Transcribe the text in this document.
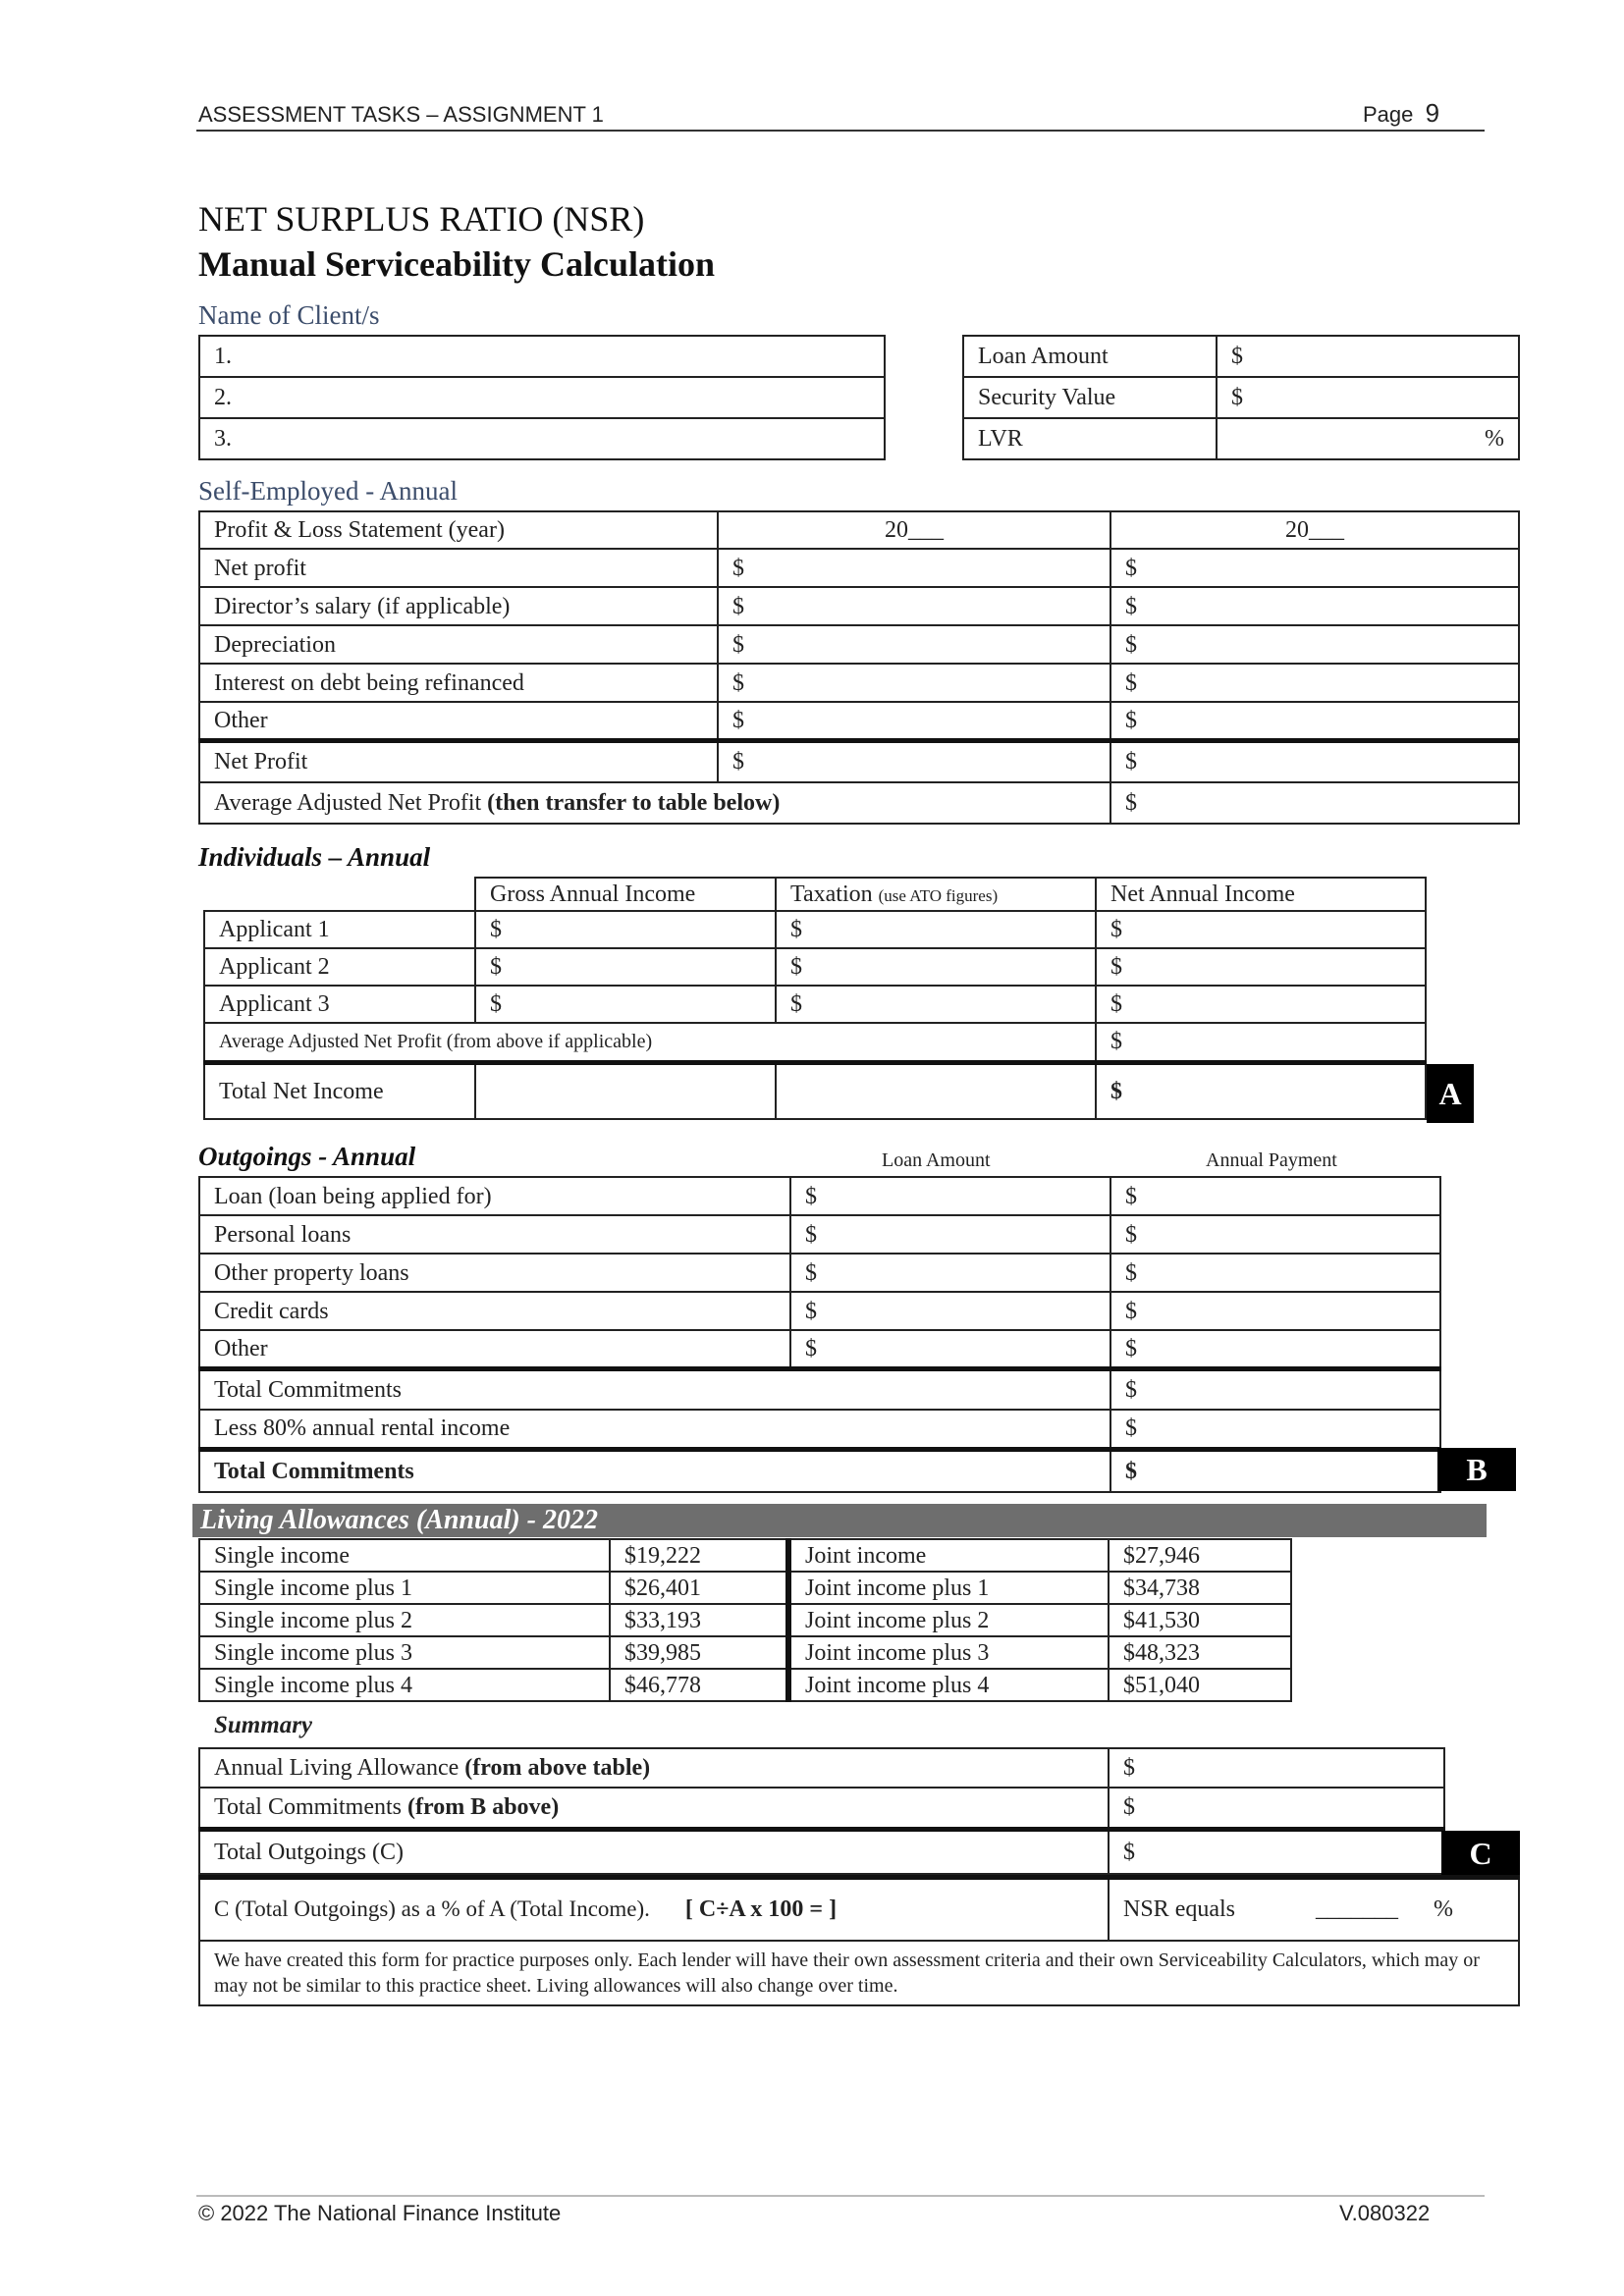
ASSESSMENT TASKS – ASSIGNMENT 1	Page 9
NET SURPLUS RATIO (NSR)
Manual Serviceability Calculation
Name of Client/s
1.
2.
3.
Loan Amount	$
Security Value	$
LVR	%
Self-Employed - Annual
Profit & Loss Statement (year)	20___	20___
Net profit	$	$
Director’s salary (if applicable)	$	$
Depreciation	$	$
Interest on debt being refinanced	$	$
Other	$	$
Net Profit	$	$
Average Adjusted Net Profit (then transfer to table below)		$
Individuals – Annual
	Gross Annual Income	Taxation (use ATO figures)	Net Annual Income
Applicant 1	$	$	$
Applicant 2	$	$	$
Applicant 3	$	$	$
Average Adjusted Net Profit (from above if applicable)			$
Total Net Income			$	A
Outgoings - Annual	Loan Amount	Annual Payment
Loan (loan being applied for)	$	$
Personal loans	$	$
Other property loans	$	$
Credit cards	$	$
Other	$	$
Total Commitments		$
Less 80% annual rental income		$
Total Commitments		$	B
Living Allowances (Annual) - 2022
Single income	$19,222	Joint income	$27,946
Single income plus 1	$26,401	Joint income plus 1	$34,738
Single income plus 2	$33,193	Joint income plus 2	$41,530
Single income plus 3	$39,985	Joint income plus 3	$48,323
Single income plus 4	$46,778	Joint income plus 4	$51,040
Summary
Annual Living Allowance (from above table)	$
Total Commitments (from B above)	$
Total Outgoings (C)	$	C
C (Total Outgoings) as a % of A (Total Income). [ C÷A x 100 = ]	NSR equals	_______ %
We have created this form for practice purposes only. Each lender will have their own assessment criteria and their own Serviceability Calculators, which may or may not be similar to this practice sheet. Living allowances will also change over time.
© 2022 The National Finance Institute	V.080322
